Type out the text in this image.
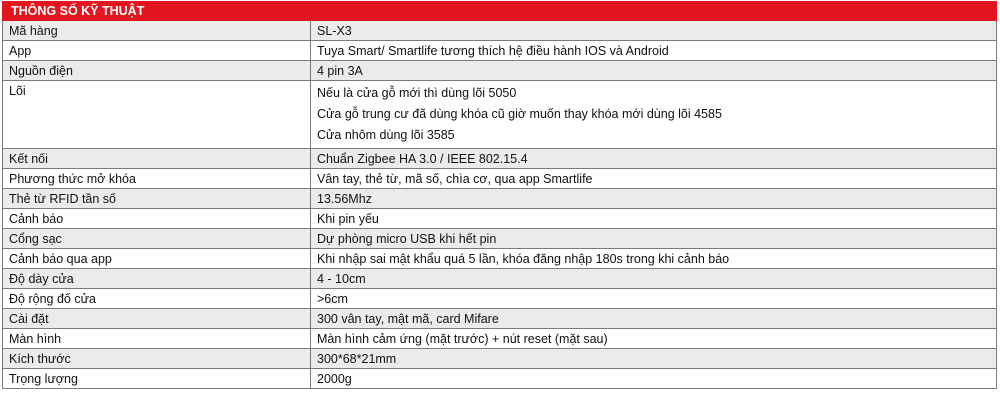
THÔNG SỐ KỸ THUẬT	
Mã hàng	SL-X3
App	Tuya Smart/ Smartlife tương thích hệ điều hành IOS và Android
Nguồn điện	4 pin 3A
Lõi	Nếu là cửa gỗ mới thì dùng lõi 5050
Cửa gỗ trung cư đã dùng khóa cũ giờ muốn thay khóa mới dùng lõi 4585
Cửa nhôm dùng lõi 3585

Kết nối	Chuẩn Zigbee HA 3.0 / IEEE 802.15.4
Phương thức mở khóa	Vân tay, thẻ từ, mã số, chìa cơ, qua app Smartlife
Thẻ từ RFID tần số	13.56Mhz
Cảnh báo	Khi pin yếu
Cổng sạc	Dự phòng micro USB khi hết pin
Cảnh báo qua app	Khi nhập sai mật khẩu quá 5 lần, khóa đăng nhập 180s trong khi cảnh báo
Độ dày cửa	4 - 10cm
Độ rộng đố cửa	>6cm
Cài đặt	300 vân tay, mật mã, card Mifare
Màn hình	Màn hình cảm ứng (mặt trước) + nút reset (mặt sau)
Kích thước	300*68*21mm
Trọng lượng	2000g
